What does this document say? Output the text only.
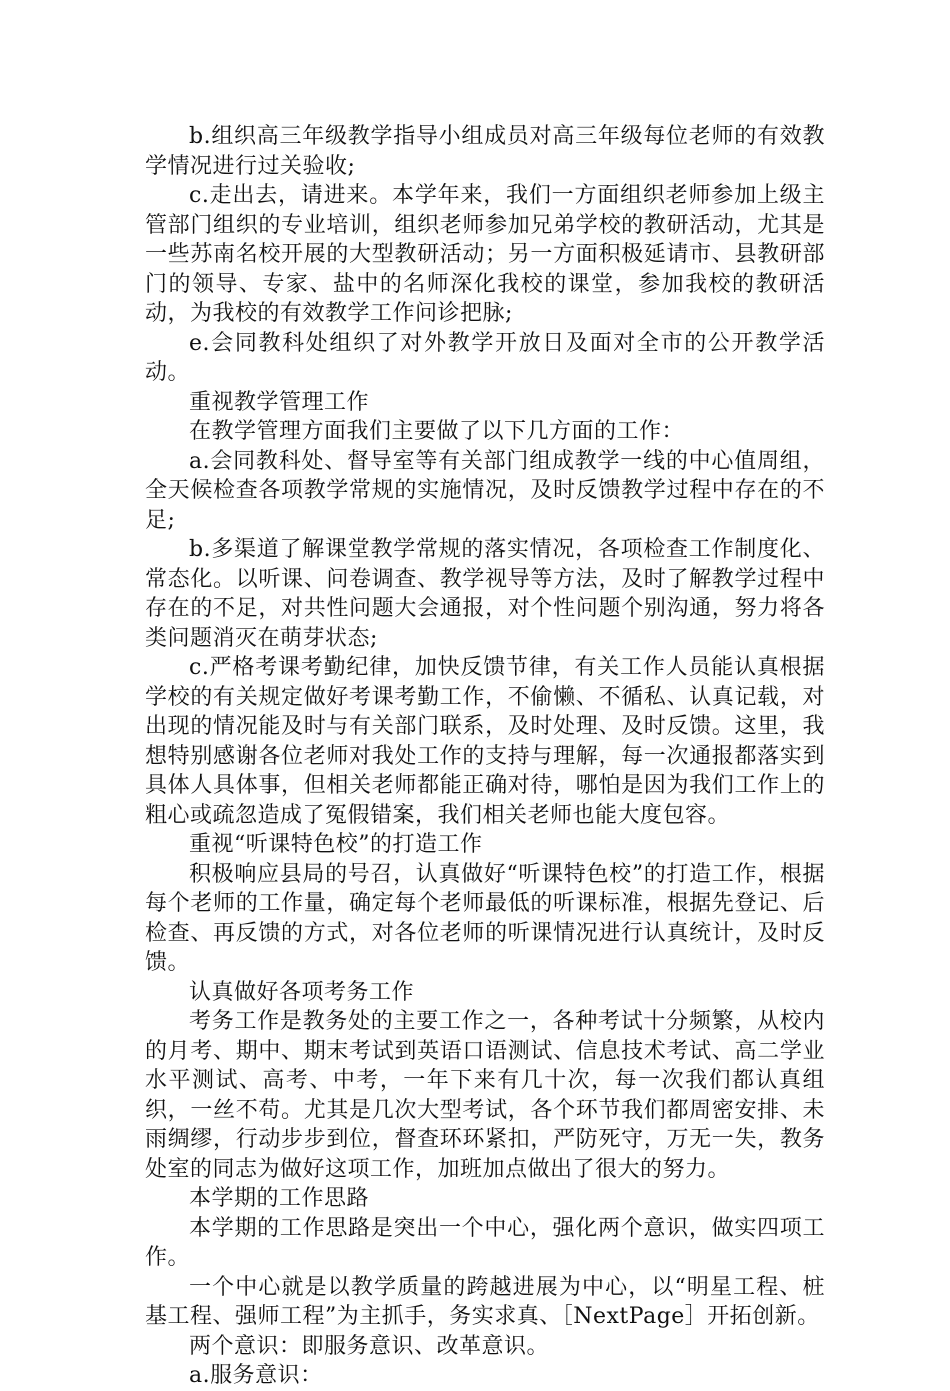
b.组织高三年级教学指导小组成员对高三年级每位老师的有效教学情况进行过关验收;

c.走出去，请进来。本学年来，我们一方面组织老师参加上级主管部门组织的专业培训，组织老师参加兄弟学校的教研活动，尤其是一些苏南名校开展的大型教研活动；另一方面积极延请市、县教研部门的领导、专家、盐中的名师深化我校的课堂，参加我校的教研活动，为我校的有效教学工作问诊把脉;

e.会同教科处组织了对外教学开放日及面对全市的公开教学活动。

重视教学管理工作

在教学管理方面我们主要做了以下几方面的工作：

a.会同教科处、督导室等有关部门组成教学一线的中心值周组，全天候检查各项教学常规的实施情况，及时反馈教学过程中存在的不足;

b.多渠道了解课堂教学常规的落实情况，各项检查工作制度化、常态化。以听课、问卷调查、教学视导等方法，及时了解教学过程中存在的不足，对共性问题大会通报，对个性问题个别沟通，努力将各类问题消灭在萌芽状态;

c.严格考课考勤纪律，加快反馈节律，有关工作人员能认真根据学校的有关规定做好考课考勤工作，不偷懒、不循私、认真记载，对出现的情况能及时与有关部门联系，及时处理、及时反馈。这里，我想特别感谢各位老师对我处工作的支持与理解，每一次通报都落实到具体人具体事，但相关老师都能正确对待，哪怕是因为我们工作上的粗心或疏忽造成了冤假错案，我们相关老师也能大度包容。

重视“听课特色校”的打造工作

积极响应县局的号召，认真做好“听课特色校”的打造工作，根据每个老师的工作量，确定每个老师最低的听课标准，根据先登记、后检查、再反馈的方式，对各位老师的听课情况进行认真统计，及时反馈。

认真做好各项考务工作

考务工作是教务处的主要工作之一，各种考试十分频繁，从校内的月考、期中、期末考试到英语口语测试、信息技术考试、高二学业水平测试、高考、中考，一年下来有几十次，每一次我们都认真组织，一丝不苟。尤其是几次大型考试，各个环节我们都周密安排、未雨绸缪，行动步步到位，督查环环紧扣，严防死守，万无一失，教务处室的同志为做好这项工作，加班加点做出了很大的努力。

本学期的工作思路

本学期的工作思路是突出一个中心，强化两个意识，做实四项工作。

一个中心就是以教学质量的跨越进展为中心，以“明星工程、桩基工程、强师工程”为主抓手，务实求真、［NextPage］开拓创新。

两个意识：即服务意识、改革意识。

a.服务意识：
